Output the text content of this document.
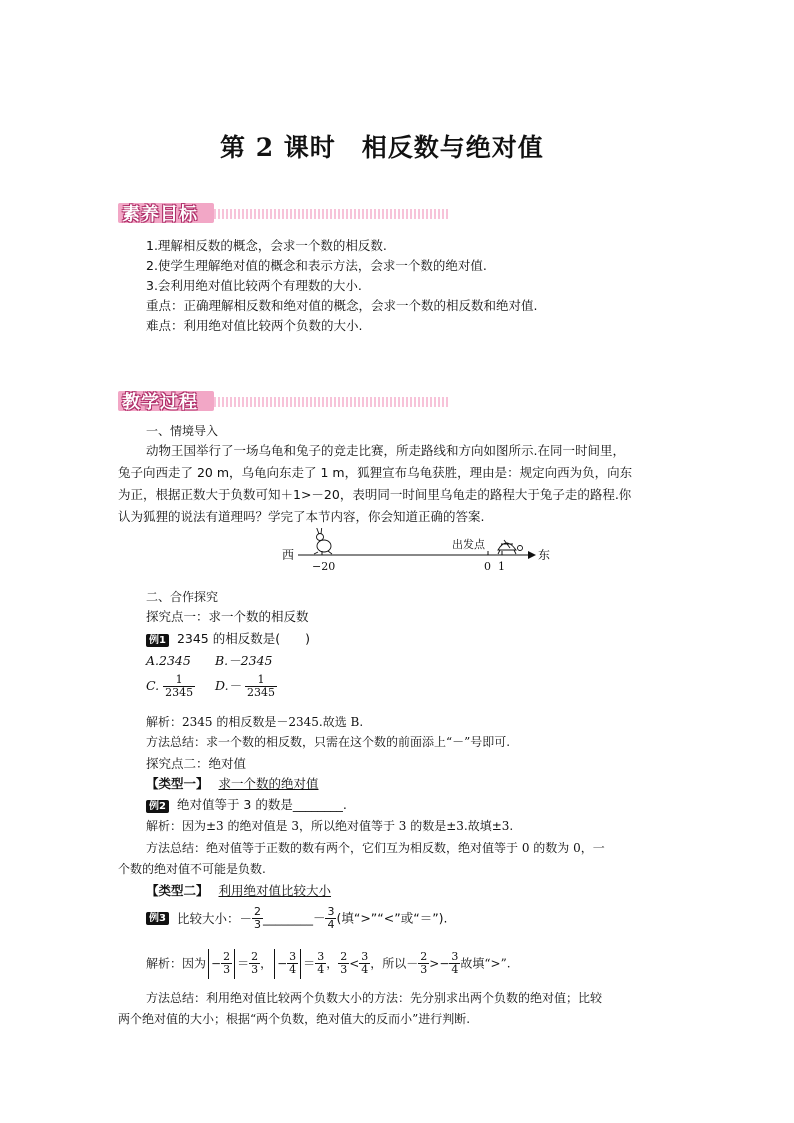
第 2 课时　相反数与绝对值
素养目标
1.理解相反数的概念，会求一个数的相反数.
2.使学生理解绝对值的概念和表示方法，会求一个数的绝对值.
3.会利用绝对值比较两个有理数的大小.
重点：正确理解相反数和绝对值的概念，会求一个数的相反数和绝对值.
难点：利用绝对值比较两个负数的大小.
教学过程
一、情境导入
动物王国举行了一场乌龟和兔子的竞走比赛，所走路线和方向如图所示.在同一时间里，
兔子向西走了 20 m，乌龟向东走了 1 m，狐狸宣布乌龟获胜，理由是：规定向西为负，向东
为正，根据正数大于负数可知＋1>－20，表明同一时间里乌龟走的路程大于兔子走的路程.你
认为狐狸的说法有道理吗？学完了本节内容，你会知道正确的答案.
西	东
出发点
−20	0 1
二、合作探究
探究点一：求一个数的相反数
例1 2345 的相反数是(　　)
A.2345 B.－2345
C. $\frac{1}{2345} D.- \frac{1}{2345}$
解析：2345 的相反数是－2345.故选 B.
方法总结：求一个数的相反数，只需在这个数的前面添上“－”号即可.
探究点二：绝对值
【类型一】 求一个数的绝对值
例2 绝对值等于 3 的数是________.
解析：因为±3 的绝对值是 3，所以绝对值等于 3 的数是±3.故填±3.
方法总结：绝对值等于正数的数有两个，它们互为相反数，绝对值等于 0 的数为 0，一
个数的绝对值不可能是负数.
【类型二】 利用绝对值比较大小
例3 比较大小：－ $\frac{2}{3}$ ________－ $\frac{3}{4}$ (填“>”“<”或“＝”).
解析：因为 − $\frac{2}{3} = \frac{2}{3}$ ， − $\frac{3}{4} = \frac{3}{4}$ ， $\frac{2}{3} < \frac{3}{4}$ ，所以－ $\frac{2}{3} >- \frac{3}{4}$ 故填“>”.
方法总结：利用绝对值比较两个负数大小的方法：先分别求出两个负数的绝对值；比较
两个绝对值的大小；根据“两个负数，绝对值大的反而小”进行判断.
